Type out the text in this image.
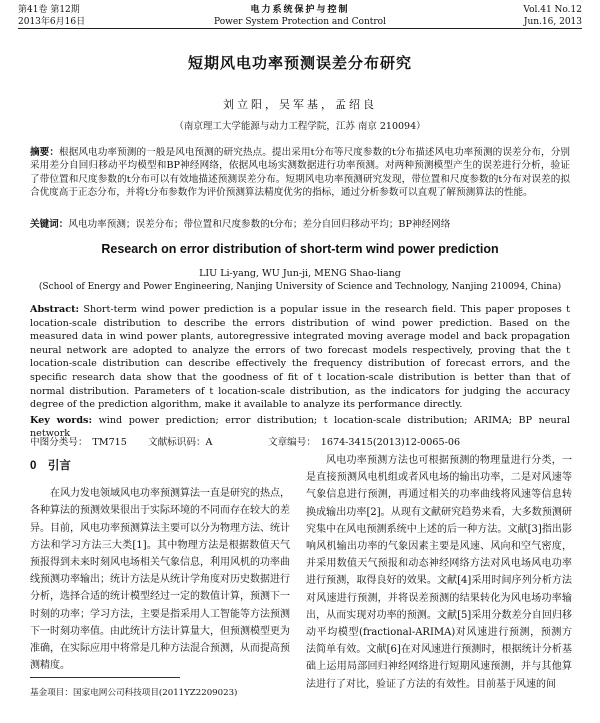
第41卷 第12期
2013年6月16日
电力系统保护与控制
Power System Protection and Control
Vol.41 No.12
Jun.16, 2013
短期风电功率预测误差分布研究
刘立阳，吴军基，孟绍良
（南京理工大学能源与动力工程学院，江苏 南京 210094）
摘要：根据风电功率预测的一般是风电预测的研究热点。提出采用t分布等尺度参数的t分布描述风电功率预测的误差分布，分别采用差分自回归移动平均模型和BP神经网络，依据风电场实测数据进行功率预测。对两种预测模型产生的误差进行分析，验证了带位置和尺度参数的t分布可以有效地描述预测误差分布。短期风电功率预测研究发现，带位置和尺度参数的t分布对误差的拟合优度高于正态分布，并将t分布参数作为评价预测算法精度优劣的指标，通过分析参数可以直观了解预测算法的性能。
关键词：风电功率预测；误差分布；带位置和尺度参数的t分布；差分自回归移动平均；BP神经网络
Research on error distribution of short-term wind power prediction
LIU Li-yang, WU Jun-ji, MENG Shao-liang
(School of Energy and Power Engineering, Nanjing University of Science and Technology, Nanjing 210094, China)
Abstract: Short-term wind power prediction is a popular issue in the research field. This paper proposes t location-scale distribution to describe the errors distribution of wind power prediction. Based on the measured data in wind power plants, autoregressive integrated moving average model and back propagation neural network are adopted to analyze the errors of two forecast models respectively, proving that the t location-scale distribution can describe effectively the frequency distribution of forecast errors, and the specific research data show that the goodness of fit of t location-scale distribution is better than that of normal distribution. Parameters of t location-scale distribution, as the indicators for judging the accuracy degree of the prediction algorithm, make it available to analyze its performance directly.
Key words: wind power prediction; error distribution; t location-scale distribution; ARIMA; BP neural network
中图分类号：　TM715 文献标识码：A	文章编号：　1674-3415(2013)12-0065-06
0　引言

在风力发电领域风电功率预测算法一直是研究的热点，各种算法的预测效果很出于实际环境的不同而存在较大的差异。目前，风电功率预测算法主要可以分为物理方法、统计方法和学习方法三大类[1]。其中物理方法是根据数值天气预报得到未来时刻风电场相关气象信息，利用风机的功率曲线预测功率输出；统计方法是从统计学角度对历史数据进行分析，选择合适的统计模型经过一定的数值计算，预测下一时刻的功率；学习方法，主要是指采用人工智能等方法预测下一时刻功率值。由此统计方法计算量大，但预测模型更为准确，在实际应用中将常是几种方法混合预测，从而提高预测精度。

风电功率预测方法也可根据预测的物理量进行分类，一是直接预测风电机组或者风电场的输出功率，二是对风速等气象信息进行预测，再通过相关的功率曲线将风速等信息转换成输出功率[2]。从现有文献研究趋势来看，大多数预测研究集中在风电预测系统中上述的后一种方法。文献[3]指出影响风机输出功率的气象因素主要是风速、风向和空气密度，并采用数值天气预报和动态神经网络方法对风电场风电功率进行预测，取得良好的效果。文献[4]采用时间序列分析方法对风速进行预测，并将误差预测的结果转化为风电场功率输出，从而实现对功率的预测。文献[5]采用分数差分自回归移动平均模型(fractional-ARIMA)对风速进行预测，预测方法简单有效。文献[6]在对风速进行预测时，根据统计分析基础上运用局部回归神经网络进行短期风速预测，并与其他算法进行了对比，验证了方法的有效性。目前基于风速的间

基金项目：国家电网公司科技项目(2011YZ2209023)
